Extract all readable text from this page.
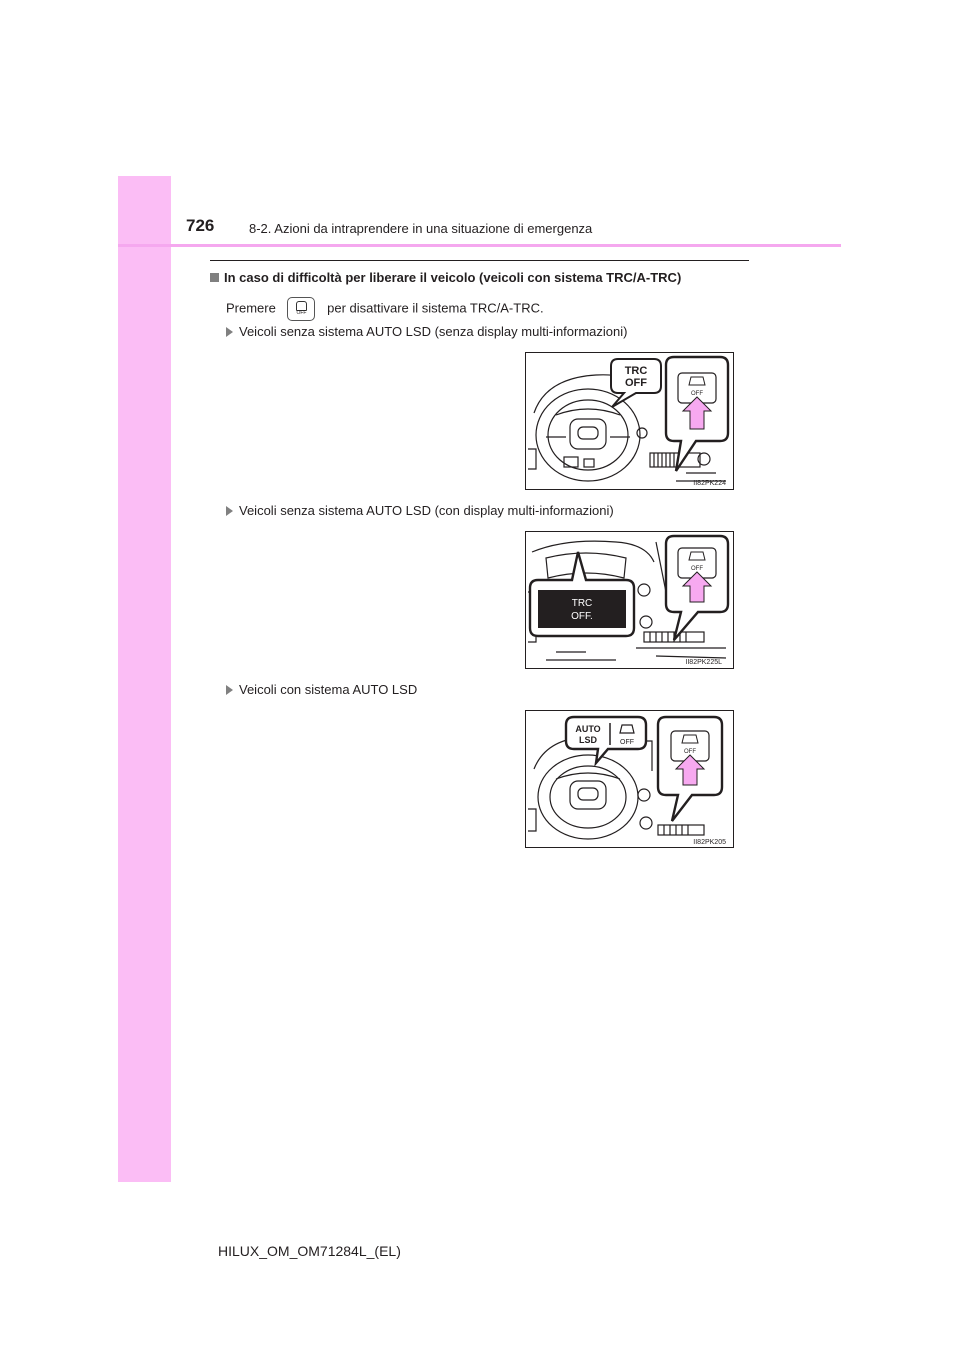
726	8-2. Azioni da intraprendere in una situazione di emergenza
In caso di difficoltà per liberare il veicolo (veicoli con sistema TRC/A-TRC)
Premere	OFF	per disattivare il sistema TRC/A-TRC.
Veicoli senza sistema AUTO LSD (senza display multi-informazioni)
TRC
OFF
OFF
II82PK224
Veicoli senza sistema AUTO LSD (con display multi-informazioni)
TRC
OFF.
OFF
II82PK225L
Veicoli con sistema AUTO LSD
AUTO
LSD	OFF
OFF
II82PK205
HILUX_OM_OM71284L_(EL)
